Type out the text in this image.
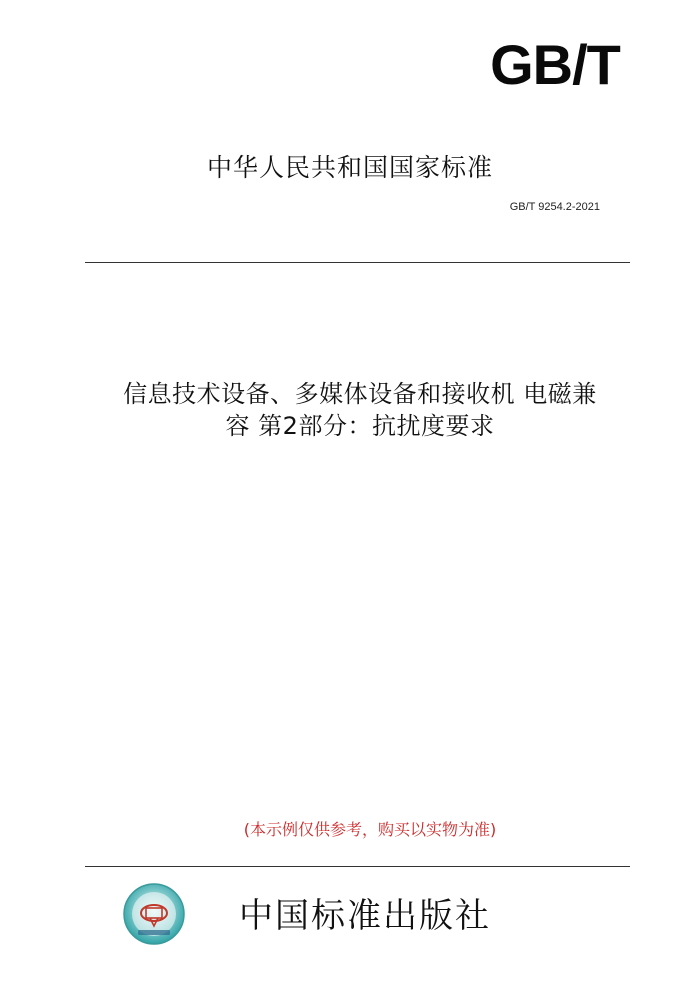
GB/T
中华人民共和国国家标准
GB/T 9254.2-2021
信息技术设备、多媒体设备和接收机 电磁兼
容 第2部分：抗扰度要求
(本示例仅供参考，购买以实物为准)
中国标准出版社
